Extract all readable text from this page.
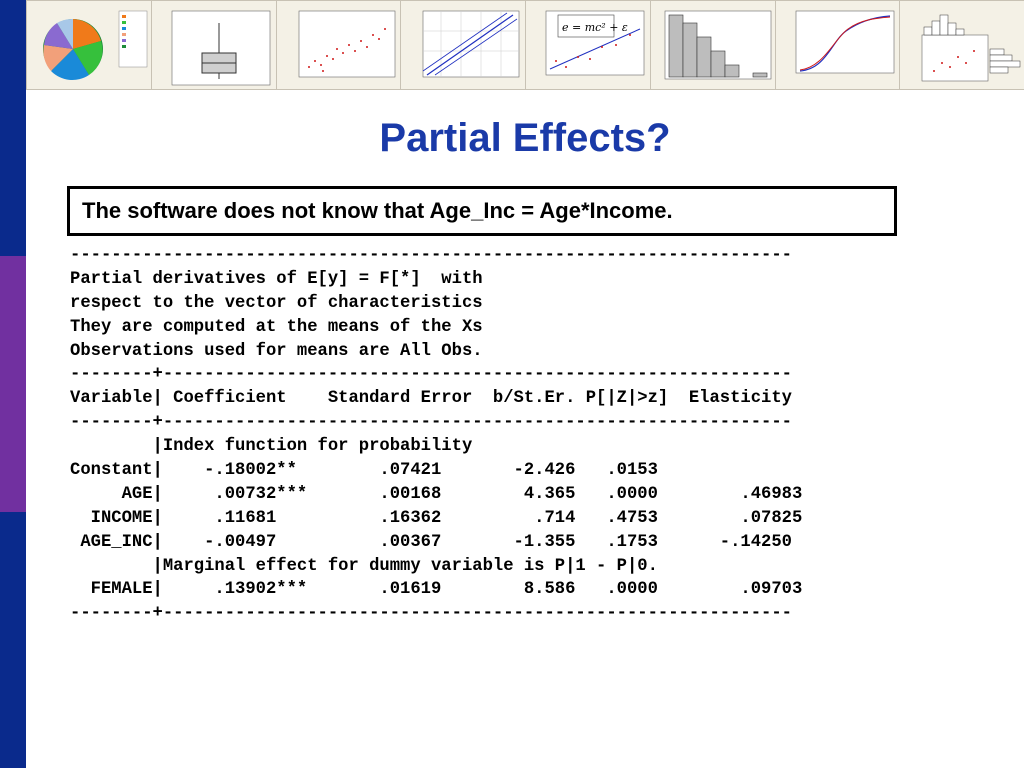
e = mc² + ε
Partial Effects?
The software does not know that Age_Inc = Age*Income.
----------------------------------------------------------------------
Partial derivatives of E[y] = F[*]  with
respect to the vector of characteristics
They are computed at the means of the Xs
Observations used for means are All Obs.
--------+-------------------------------------------------------------
Variable| Coefficient    Standard Error  b/St.Er. P[|Z|>z]  Elasticity
--------+-------------------------------------------------------------
|Index function for probability
Constant|    -.18002**        .07421       -2.426   .0153
AGE|     .00732***       .00168        4.365   .0000        .46983
INCOME|     .11681          .16362         .714   .4753        .07825
AGE_INC|    -.00497          .00367       -1.355   .1753      -.14250
|Marginal effect for dummy variable is P|1 - P|0.
FEMALE|     .13902***       .01619        8.586   .0000        .09703
--------+-------------------------------------------------------------
